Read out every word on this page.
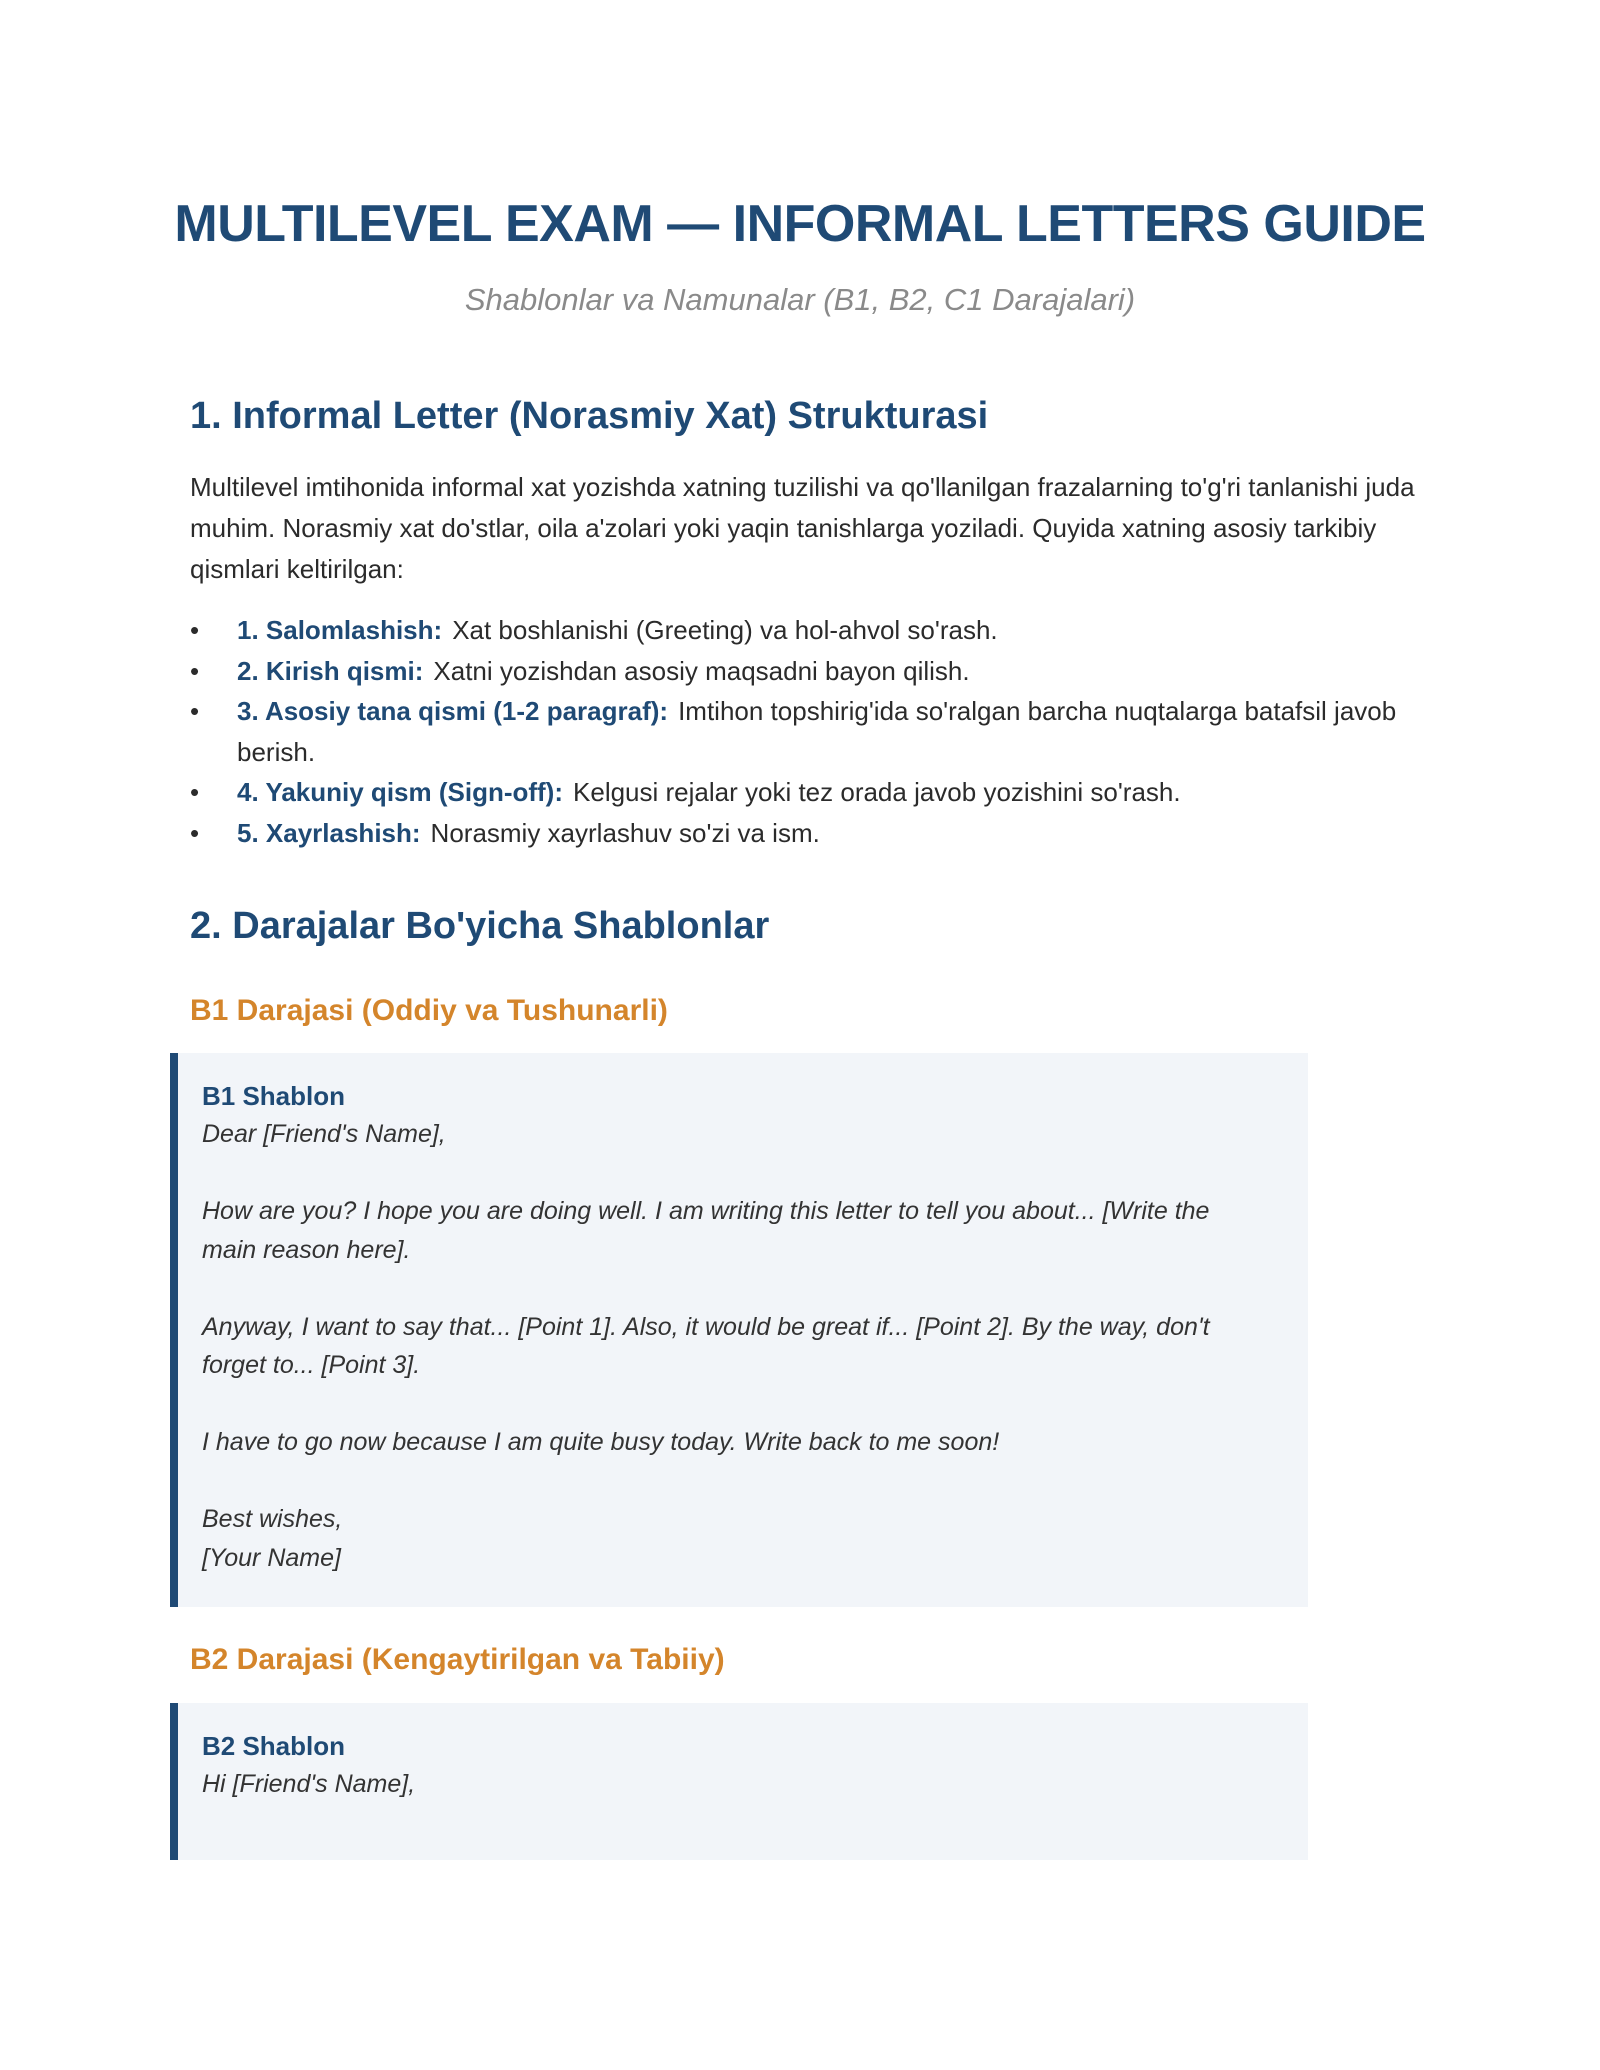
MULTILEVEL EXAM — INFORMAL LETTERS GUIDE
Shablonlar va Namunalar (B1, B2, C1 Darajalari)
1. Informal Letter (Norasmiy Xat) Strukturasi

Multilevel imtihonida informal xat yozishda xatning tuzilishi va qo'llanilgan frazalarning to'g'ri tanlanishi juda muhim. Norasmiy xat do'stlar, oila a'zolari yoki yaqin tanishlarga yoziladi. Quyida xatning asosiy tarkibiy qismlari keltirilgan:

• 1. Salomlashish: Xat boshlanishi (Greeting) va hol-ahvol so'rash.
• 2. Kirish qismi: Xatni yozishdan asosiy maqsadni bayon qilish.
• 3. Asosiy tana qismi (1-2 paragraf): Imtihon topshirig'ida so'ralgan barcha nuqtalarga batafsil javob berish.
• 4. Yakuniy qism (Sign-off): Kelgusi rejalar yoki tez orada javob yozishini so'rash.
• 5. Xayrlashish: Norasmiy xayrlashuv so'zi va ism.
2. Darajalar Bo'yicha Shablonlar
B1 Darajasi (Oddiy va Tushunarli)
B1 Shablon
Dear [Friend's Name],
How are you? I hope you are doing well. I am writing this letter to tell you about... [Write the
main reason here].
Anyway, I want to say that... [Point 1]. Also, it would be great if... [Point 2]. By the way, don't
forget to... [Point 3].
I have to go now because I am quite busy today. Write back to me soon!
Best wishes,
[Your Name]
B2 Darajasi (Kengaytirilgan va Tabiiy)
B2 Shablon
Hi [Friend's Name],
